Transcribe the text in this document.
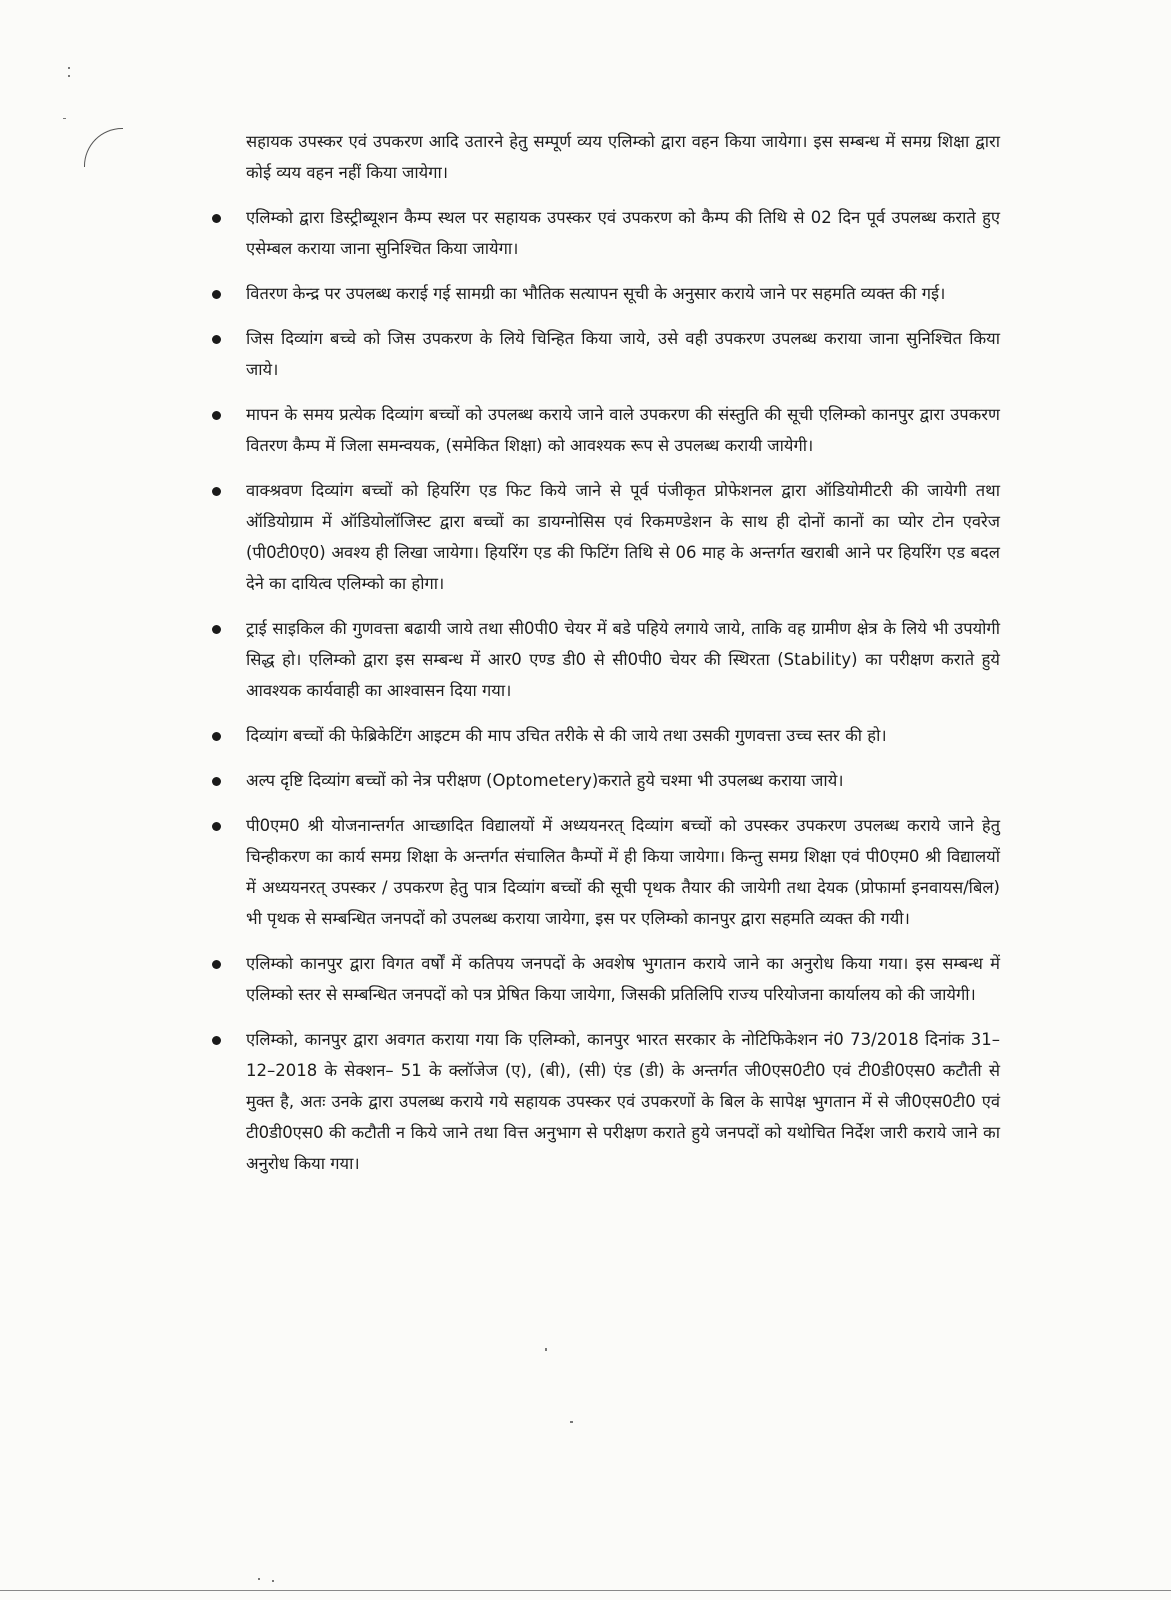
सहायक उपस्कर एवं उपकरण आदि उतारने हेतु सम्पूर्ण व्यय एलिम्को द्वारा वहन किया जायेगा। इस सम्बन्ध में समग्र शिक्षा द्वारा कोई व्यय वहन नहीं किया जायेगा।

एलिम्को द्वारा डिस्ट्रीब्यूशन कैम्प स्थल पर सहायक उपस्कर एवं उपकरण को कैम्प की तिथि से 02 दिन पूर्व उपलब्ध कराते हुए एसेम्बल कराया जाना सुनिश्चित किया जायेगा।
वितरण केन्द्र पर उपलब्ध कराई गई सामग्री का भौतिक सत्यापन सूची के अनुसार कराये जाने पर सहमति व्यक्त की गई।
जिस दिव्यांग बच्चे को जिस उपकरण के लिये चिन्हित किया जाये, उसे वही उपकरण उपलब्ध कराया जाना सुनिश्चित किया जाये।
मापन के समय प्रत्येक दिव्यांग बच्चों को उपलब्ध कराये जाने वाले उपकरण की संस्तुति की सूची एलिम्को कानपुर द्वारा उपकरण वितरण कैम्प में जिला समन्वयक, (समेकित शिक्षा) को आवश्यक रूप से उपलब्ध करायी जायेगी।
वाक्श्रवण दिव्यांग बच्चों को हियरिंग एड फिट किये जाने से पूर्व पंजीकृत प्रोफेशनल द्वारा ऑडियोमीटरी की जायेगी तथा ऑडियोग्राम में ऑडियोलॉजिस्ट द्वारा बच्चों का डायग्नोसिस एवं रिकमण्डेशन के साथ ही दोनों कानों का प्योर टोन एवरेज (पी0टी0ए0) अवश्य ही लिखा जायेगा। हियरिंग एड की फिटिंग तिथि से 06 माह के अन्तर्गत खराबी आने पर हियरिंग एड बदल देने का दायित्व एलिम्को का होगा।
ट्राई साइकिल की गुणवत्ता बढायी जाये तथा सी0पी0 चेयर में बडे पहिये लगाये जाये, ताकि वह ग्रामीण क्षेत्र के लिये भी उपयोगी सिद्ध हो। एलिम्को द्वारा इस सम्बन्ध में आर0 एण्ड डी0 से सी0पी0 चेयर की स्थिरता (Stability) का परीक्षण कराते हुये आवश्यक कार्यवाही का आश्वासन दिया गया।
दिव्यांग बच्चों की फेब्रिकेटिंग आइटम की माप उचित तरीके से की जाये तथा उसकी गुणवत्ता उच्च स्तर की हो।
अल्प दृष्टि दिव्यांग बच्चों को नेत्र परीक्षण (Optometery)कराते हुये चश्मा भी उपलब्ध कराया जाये।
पी0एम0 श्री योजनान्तर्गत आच्छादित विद्यालयों में अध्ययनरत् दिव्यांग बच्चों को उपस्कर उपकरण उपलब्ध कराये जाने हेतु चिन्हीकरण का कार्य समग्र शिक्षा के अन्तर्गत संचालित कैम्पों में ही किया जायेगा। किन्तु समग्र शिक्षा एवं पी0एम0 श्री विद्यालयों में अध्ययनरत् उपस्कर / उपकरण हेतु पात्र दिव्यांग बच्चों की सूची पृथक तैयार की जायेगी तथा देयक (प्रोफार्मा इनवायस/बिल) भी पृथक से सम्बन्धित जनपदों को उपलब्ध कराया जायेगा, इस पर एलिम्को कानपुर द्वारा सहमति व्यक्त की गयी।
एलिम्को कानपुर द्वारा विगत वर्षों में कतिपय जनपदों के अवशेष भुगतान कराये जाने का अनुरोध किया गया। इस सम्बन्ध में एलिम्को स्तर से सम्बन्धित जनपदों को पत्र प्रेषित किया जायेगा, जिसकी प्रतिलिपि राज्य परियोजना कार्यालय को की जायेगी।
एलिम्को, कानपुर द्वारा अवगत कराया गया कि एलिम्को, कानपुर भारत सरकार के नोटिफिकेशन नं0 73/2018 दिनांक 31–12–2018 के सेक्शन– 51 के क्लॉजेज (ए), (बी), (सी) एंड (डी) के अन्तर्गत जी0एस0टी0 एवं टी0डी0एस0 कटौती से मुक्त है, अतः उनके द्वारा उपलब्ध कराये गये सहायक उपस्कर एवं उपकरणों के बिल के सापेक्ष भुगतान में से जी0एस0टी0 एवं टी0डी0एस0 की कटौती न किये जाने तथा वित्त अनुभाग से परीक्षण कराते हुये जनपदों को यथोचित निर्देश जारी कराये जाने का अनुरोध किया गया।
